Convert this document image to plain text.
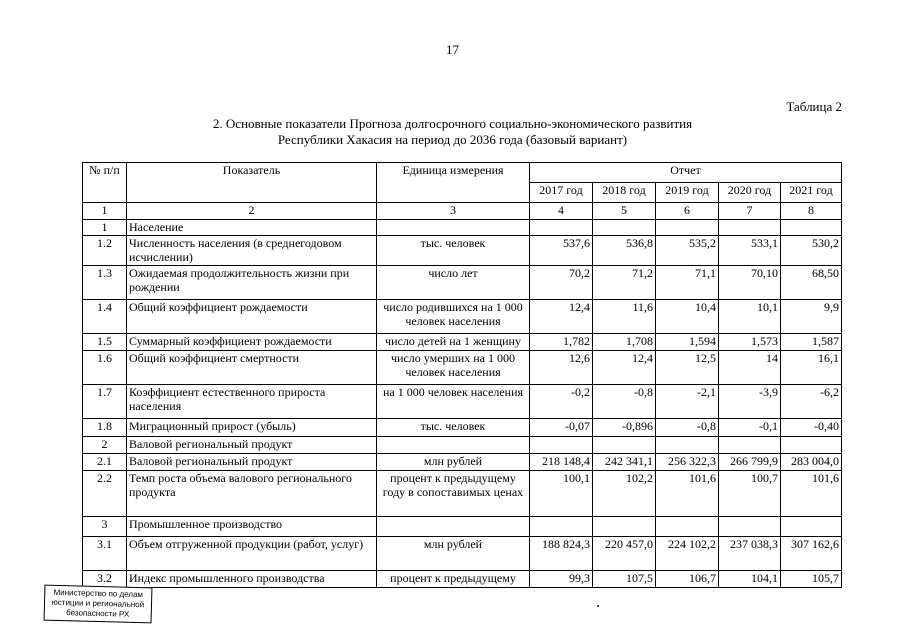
17
Таблица 2
2. Основные показатели Прогноза долгосрочного социально-экономического развития
Республики Хакасия на период до 2036 года (базовый вариант)
№ п/п	Показатель	Единица измерения	Отчет				
			2017 год	2018 год	2019 год	2020 год	2021 год
1	2	3	4	5	6	7	8
1	Население						
1.2	Численность населения (в среднегодовом исчислении)	тыс. человек	537,6	536,8	535,2	533,1	530,2
1.3	Ожидаемая продолжительность жизни при рождении	число лет	70,2	71,2	71,1	70,10	68,50
1.4	Общий коэффициент рождаемости	число родившихся на 1 000 человек населения	12,4	11,6	10,4	10,1	9,9
1.5	Суммарный коэффициент рождаемости	число детей на 1 женщину	1,782	1,708	1,594	1,573	1,587
1.6	Общий коэффициент смертности	число умерших на 1 000 человек населения	12,6	12,4	12,5	14	16,1
1.7	Коэффициент естественного прироста населения	на 1 000 человек населения	-0,2	-0,8	-2,1	-3,9	-6,2
1.8	Миграционный прирост (убыль)	тыс. человек	-0,07	-0,896	-0,8	-0,1	-0,40
2	Валовой региональный продукт						
2.1	Валовой региональный продукт	млн рублей	218 148,4	242 341,1	256 322,3	266 799,9	283 004,0
2.2	Темп роста объема валового регионального продукта	процент к предыдущему году в сопоставимых ценах	100,1	102,2	101,6	100,7	101,6
3	Промышленное производство						
3.1	Объем отгруженной продукции (работ, услуг)	млн рублей	188 824,3	220 457,0	224 102,2	237 038,3	307 162,6
3.2	Индекс промышленного производства	процент к предыдущему	99,3	107,5	106,7	104,1	105,7
Министерство по делам
юстиции и региональной
безопасности РХ
